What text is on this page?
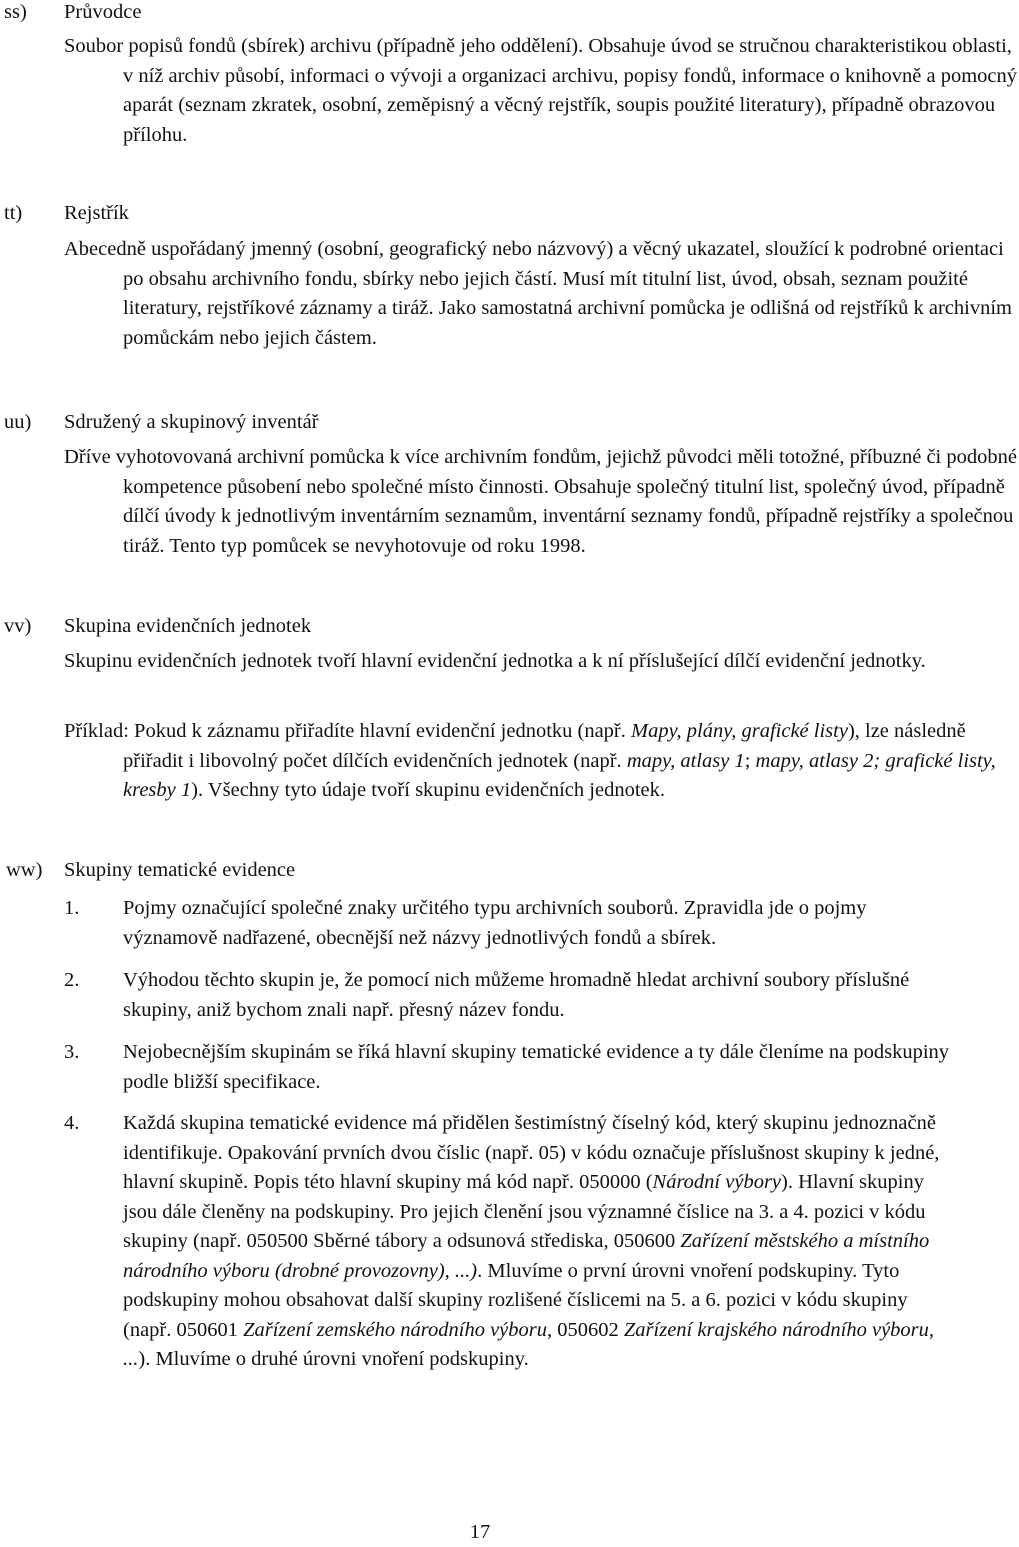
ss) Průvodce
Soubor popisů fondů (sbírek) archivu (případně jeho oddělení). Obsahuje úvod se stručnou charakteristikou oblasti, v níž archiv působí, informaci o vývoji a organizaci archivu, popisy fondů, informace o knihovně a pomocný aparát (seznam zkratek, osobní, zeměpisný a věcný rejstřík, soupis použité literatury), případně obrazovou přílohu.
tt) Rejstřík
Abecedně uspořádaný jmenný (osobní, geografický nebo názvový) a věcný ukazatel, sloužící k podrobné orientaci po obsahu archivního fondu, sbírky nebo jejich částí. Musí mít titulní list, úvod, obsah, seznam použité literatury, rejstříkové záznamy a tiráž. Jako samostatná archivní pomůcka je odlišná od rejstříků k archivním pomůckám nebo jejich částem.
uu) Sdružený a skupinový inventář
Dříve vyhotovovaná archivní pomůcka k více archivním fondům, jejichž původci měli totožné, příbuzné či podobné kompetence působení nebo společné místo činnosti. Obsahuje společný titulní list, společný úvod, případně dílčí úvody k jednotlivým inventárním seznamům, inventární seznamy fondů, případně rejstříky a společnou tiráž. Tento typ pomůcek se nevyhotovuje od roku 1998.
vv) Skupina evidenčních jednotek
Skupinu evidenčních jednotek tvoří hlavní evidenční jednotka a k ní příslušející dílčí evidenční jednotky.
Příklad: Pokud k záznamu přiřadíte hlavní evidenční jednotku (např. Mapy, plány, grafické listy), lze následně přiřadit i libovolný počet dílčích evidenčních jednotek (např. mapy, atlasy 1; mapy, atlasy 2; grafické listy, kresby 1). Všechny tyto údaje tvoří skupinu evidenčních jednotek.
ww) Skupiny tematické evidence
1. Pojmy označující společné znaky určitého typu archivních souborů. Zpravidla jde o pojmy významově nadřazené, obecnější než názvy jednotlivých fondů a sbírek.
2. Výhodou těchto skupin je, že pomocí nich můžeme hromadně hledat archivní soubory příslušné skupiny, aniž bychom znali např. přesný název fondu.
3. Nejobecnějším skupinám se říká hlavní skupiny tematické evidence a ty dále členíme na podskupiny podle bližší specifikace.
4. Každá skupina tematické evidence má přidělen šestimístný číselný kód, který skupinu jednoznačně identifikuje. Opakování prvních dvou číslic (např. 05) v kódu označuje příslušnost skupiny k jedné, hlavní skupině. Popis této hlavní skupiny má kód např. 050000 (Národní výbory). Hlavní skupiny jsou dále členěny na podskupiny. Pro jejich členění jsou významné číslice na 3. a 4. pozici v kódu skupiny (např. 050500 Sběrné tábory a odsunová střediska, 050600 Zařízení městského a místního národního výboru (drobné provozovny), ...). Mluvíme o první úrovni vnoření podskupiny. Tyto podskupiny mohou obsahovat další skupiny rozlišené číslicemi na 5. a 6. pozici v kódu skupiny (např. 050601 Zařízení zemského národního výboru, 050602 Zařízení krajského národního výboru, ...). Mluvíme o druhé úrovni vnoření podskupiny.
17
